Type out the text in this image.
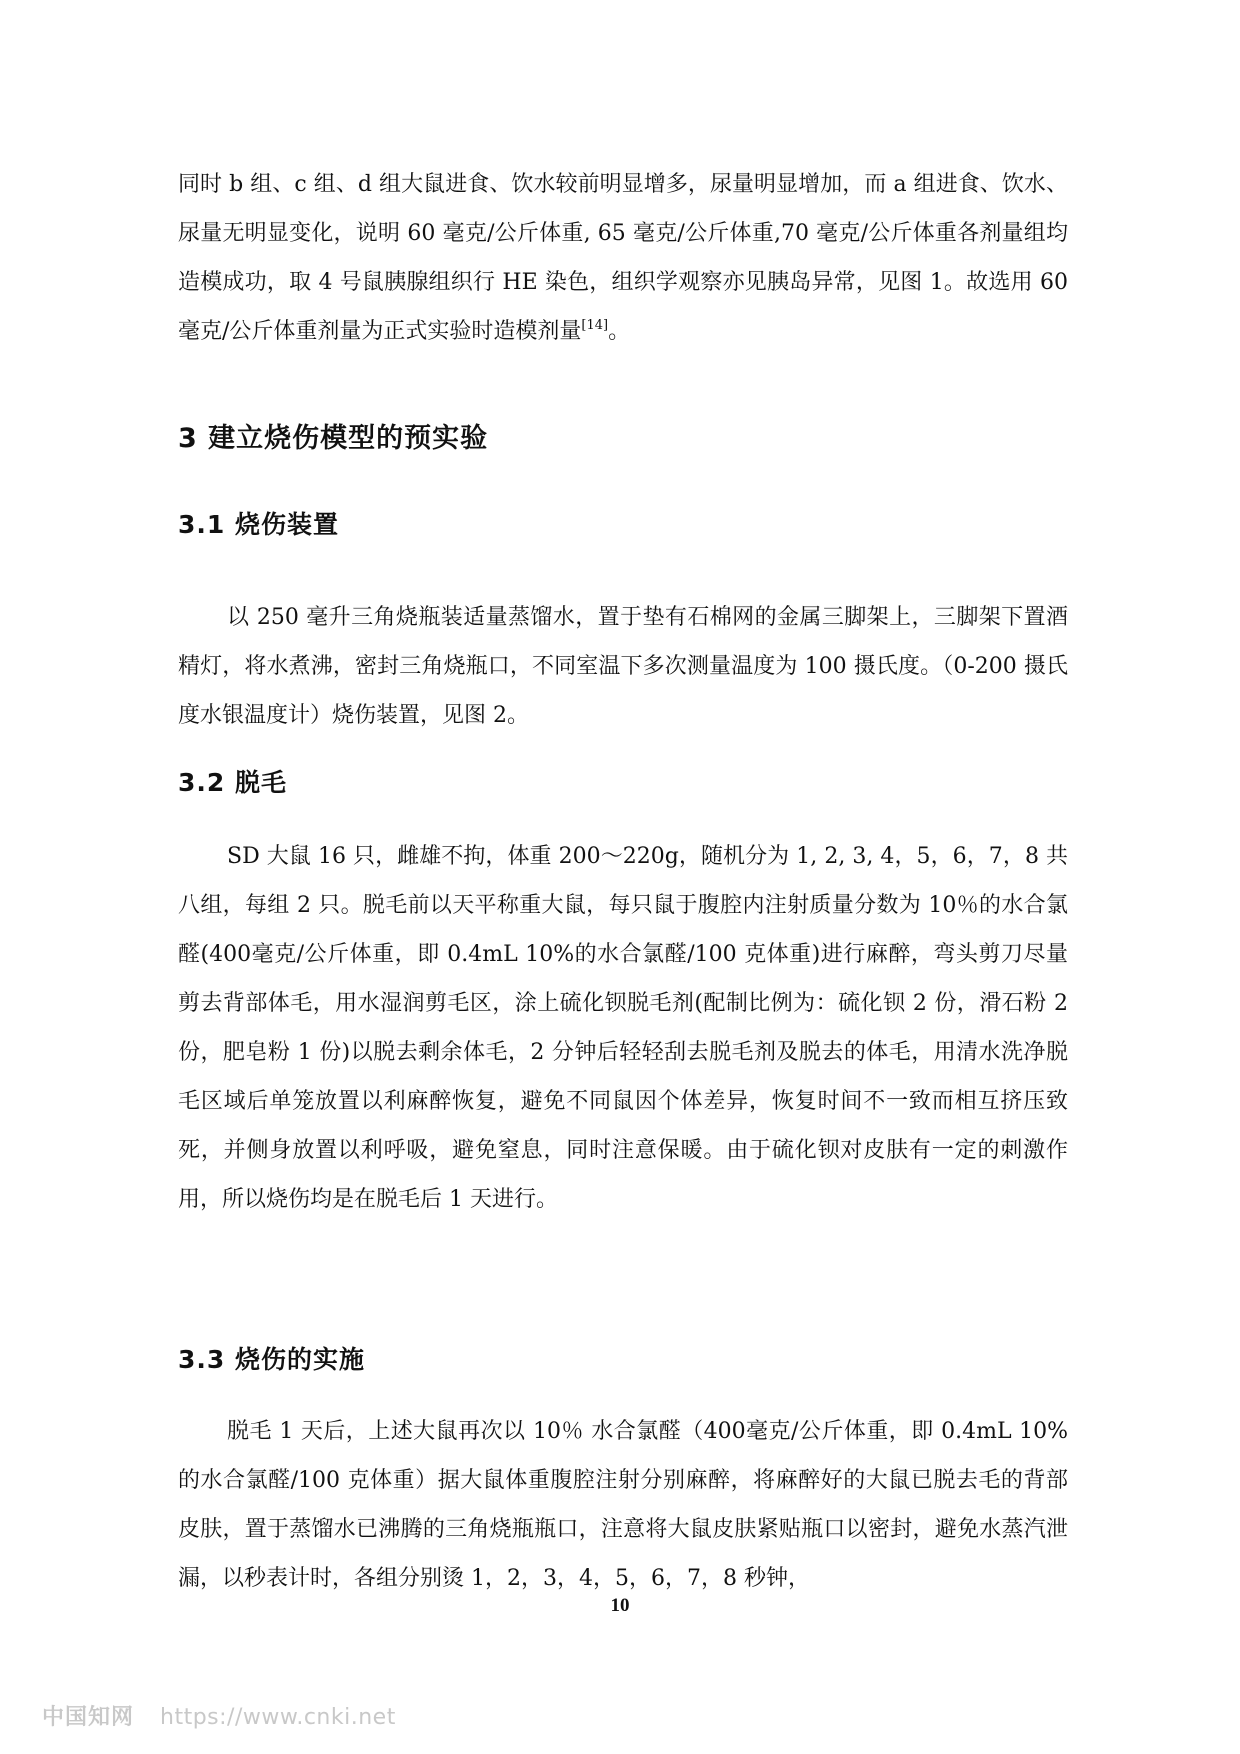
同时 b 组、c 组、d 组大鼠进食、饮水较前明显增多，尿量明显增加，而 a 组进食、饮水、尿量无明显变化，说明 60 毫克/公斤体重, 65 毫克/公斤体重,70 毫克/公斤体重各剂量组均造模成功，取 4 号鼠胰腺组织行 HE 染色，组织学观察亦见胰岛异常，见图 1。故选用 60 毫克/公斤体重剂量为正式实验时造模剂量[14]。

3 建立烧伤模型的预实验
3.1 烧伤装置

以 250 毫升三角烧瓶装适量蒸馏水，置于垫有石棉网的金属三脚架上，三脚架下置酒精灯，将水煮沸，密封三角烧瓶口，不同室温下多次测量温度为 100 摄氏度。（0-200 摄氏度水银温度计）烧伤装置，见图 2。

3.2 脱毛

SD 大鼠 16 只，雌雄不拘，体重 200～220g，随机分为 1, 2, 3, 4，5，6，7，8 共八组，每组 2 只。脱毛前以天平称重大鼠，每只鼠于腹腔内注射质量分数为 10％的水合氯醛(400毫克/公斤体重，即 0.4mL 10%的水合氯醛/100 克体重)进行麻醉，弯头剪刀尽量剪去背部体毛，用水湿润剪毛区，涂上硫化钡脱毛剂(配制比例为：硫化钡 2 份，滑石粉 2 份，肥皂粉 1 份)以脱去剩余体毛，2 分钟后轻轻刮去脱毛剂及脱去的体毛，用清水洗净脱毛区域后单笼放置以利麻醉恢复，避免不同鼠因个体差异，恢复时间不一致而相互挤压致死，并侧身放置以利呼吸，避免窒息，同时注意保暖。由于硫化钡对皮肤有一定的刺激作用，所以烧伤均是在脱毛后 1 天进行。

3.3 烧伤的实施

脱毛 1 天后，上述大鼠再次以 10％ 水合氯醛（400毫克/公斤体重，即 0.4mL 10%的水合氯醛/100 克体重）据大鼠体重腹腔注射分别麻醉，将麻醉好的大鼠已脱去毛的背部皮肤，置于蒸馏水已沸腾的三角烧瓶瓶口，注意将大鼠皮肤紧贴瓶口以密封，避免水蒸汽泄漏，以秒表计时，各组分别烫 1，2，3，4，5，6，7，8 秒钟，

10
中国知网 https://www.cnki.net
